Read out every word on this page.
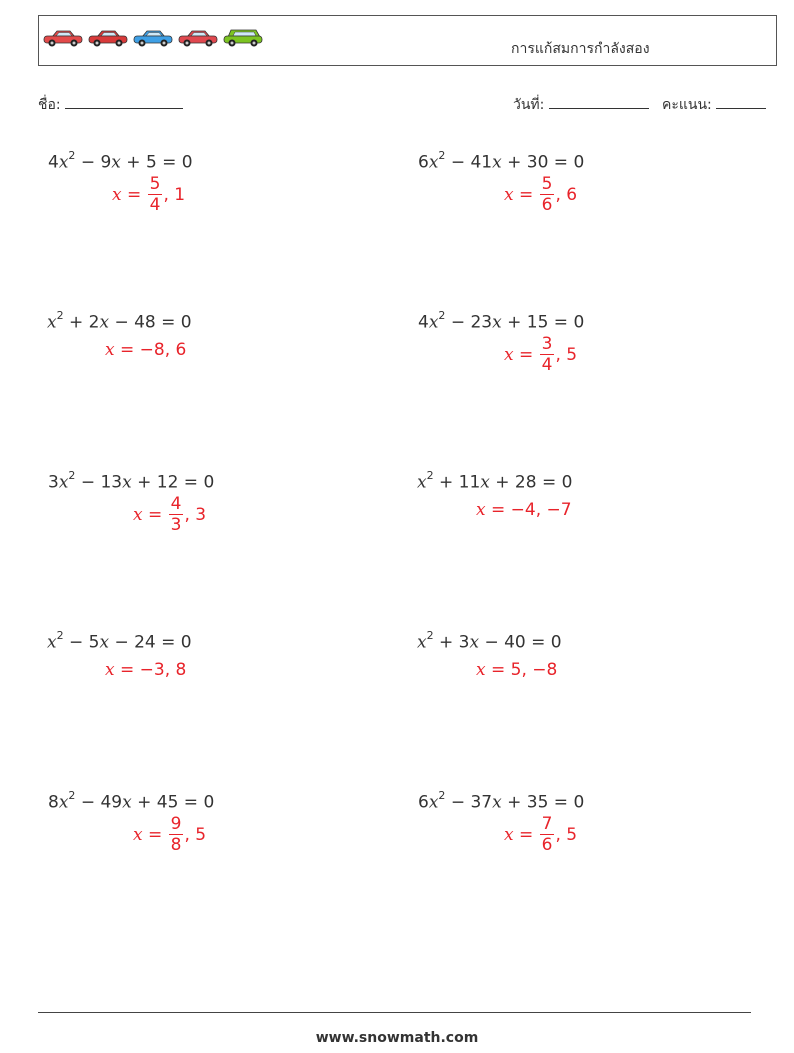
การแก้สมการกำลังสอง
ชื่อ:	วันที่:	คะแนน:
$4x^2 - 9x + 5 = 0$
$x = \frac{5}{4}$ , 1
$6x^2 - 41x + 30 = 0$
$x = \frac{5}{6}$ , 6
$x^2 + 2x - 48 = 0$
x = −8, 6
$4x^2 - 23x + 15 = 0$
$x = \frac{3}{4}$ , 5
$3x^2 - 13x + 12 = 0$
$x = \frac{4}{3}$ , 3
$x^2 + 11x + 28 = 0$
x = −4, −7
$x^2 - 5x - 24 = 0$
x = −3, 8
$x^2 + 3x - 40 = 0$
x = 5, −8
$8x^2 - 49x + 45 = 0$
$x = \frac{9}{8}$ , 5
$6x^2 - 37x + 35 = 0$
$x = \frac{7}{6}$ , 5
www.snowmath.com
